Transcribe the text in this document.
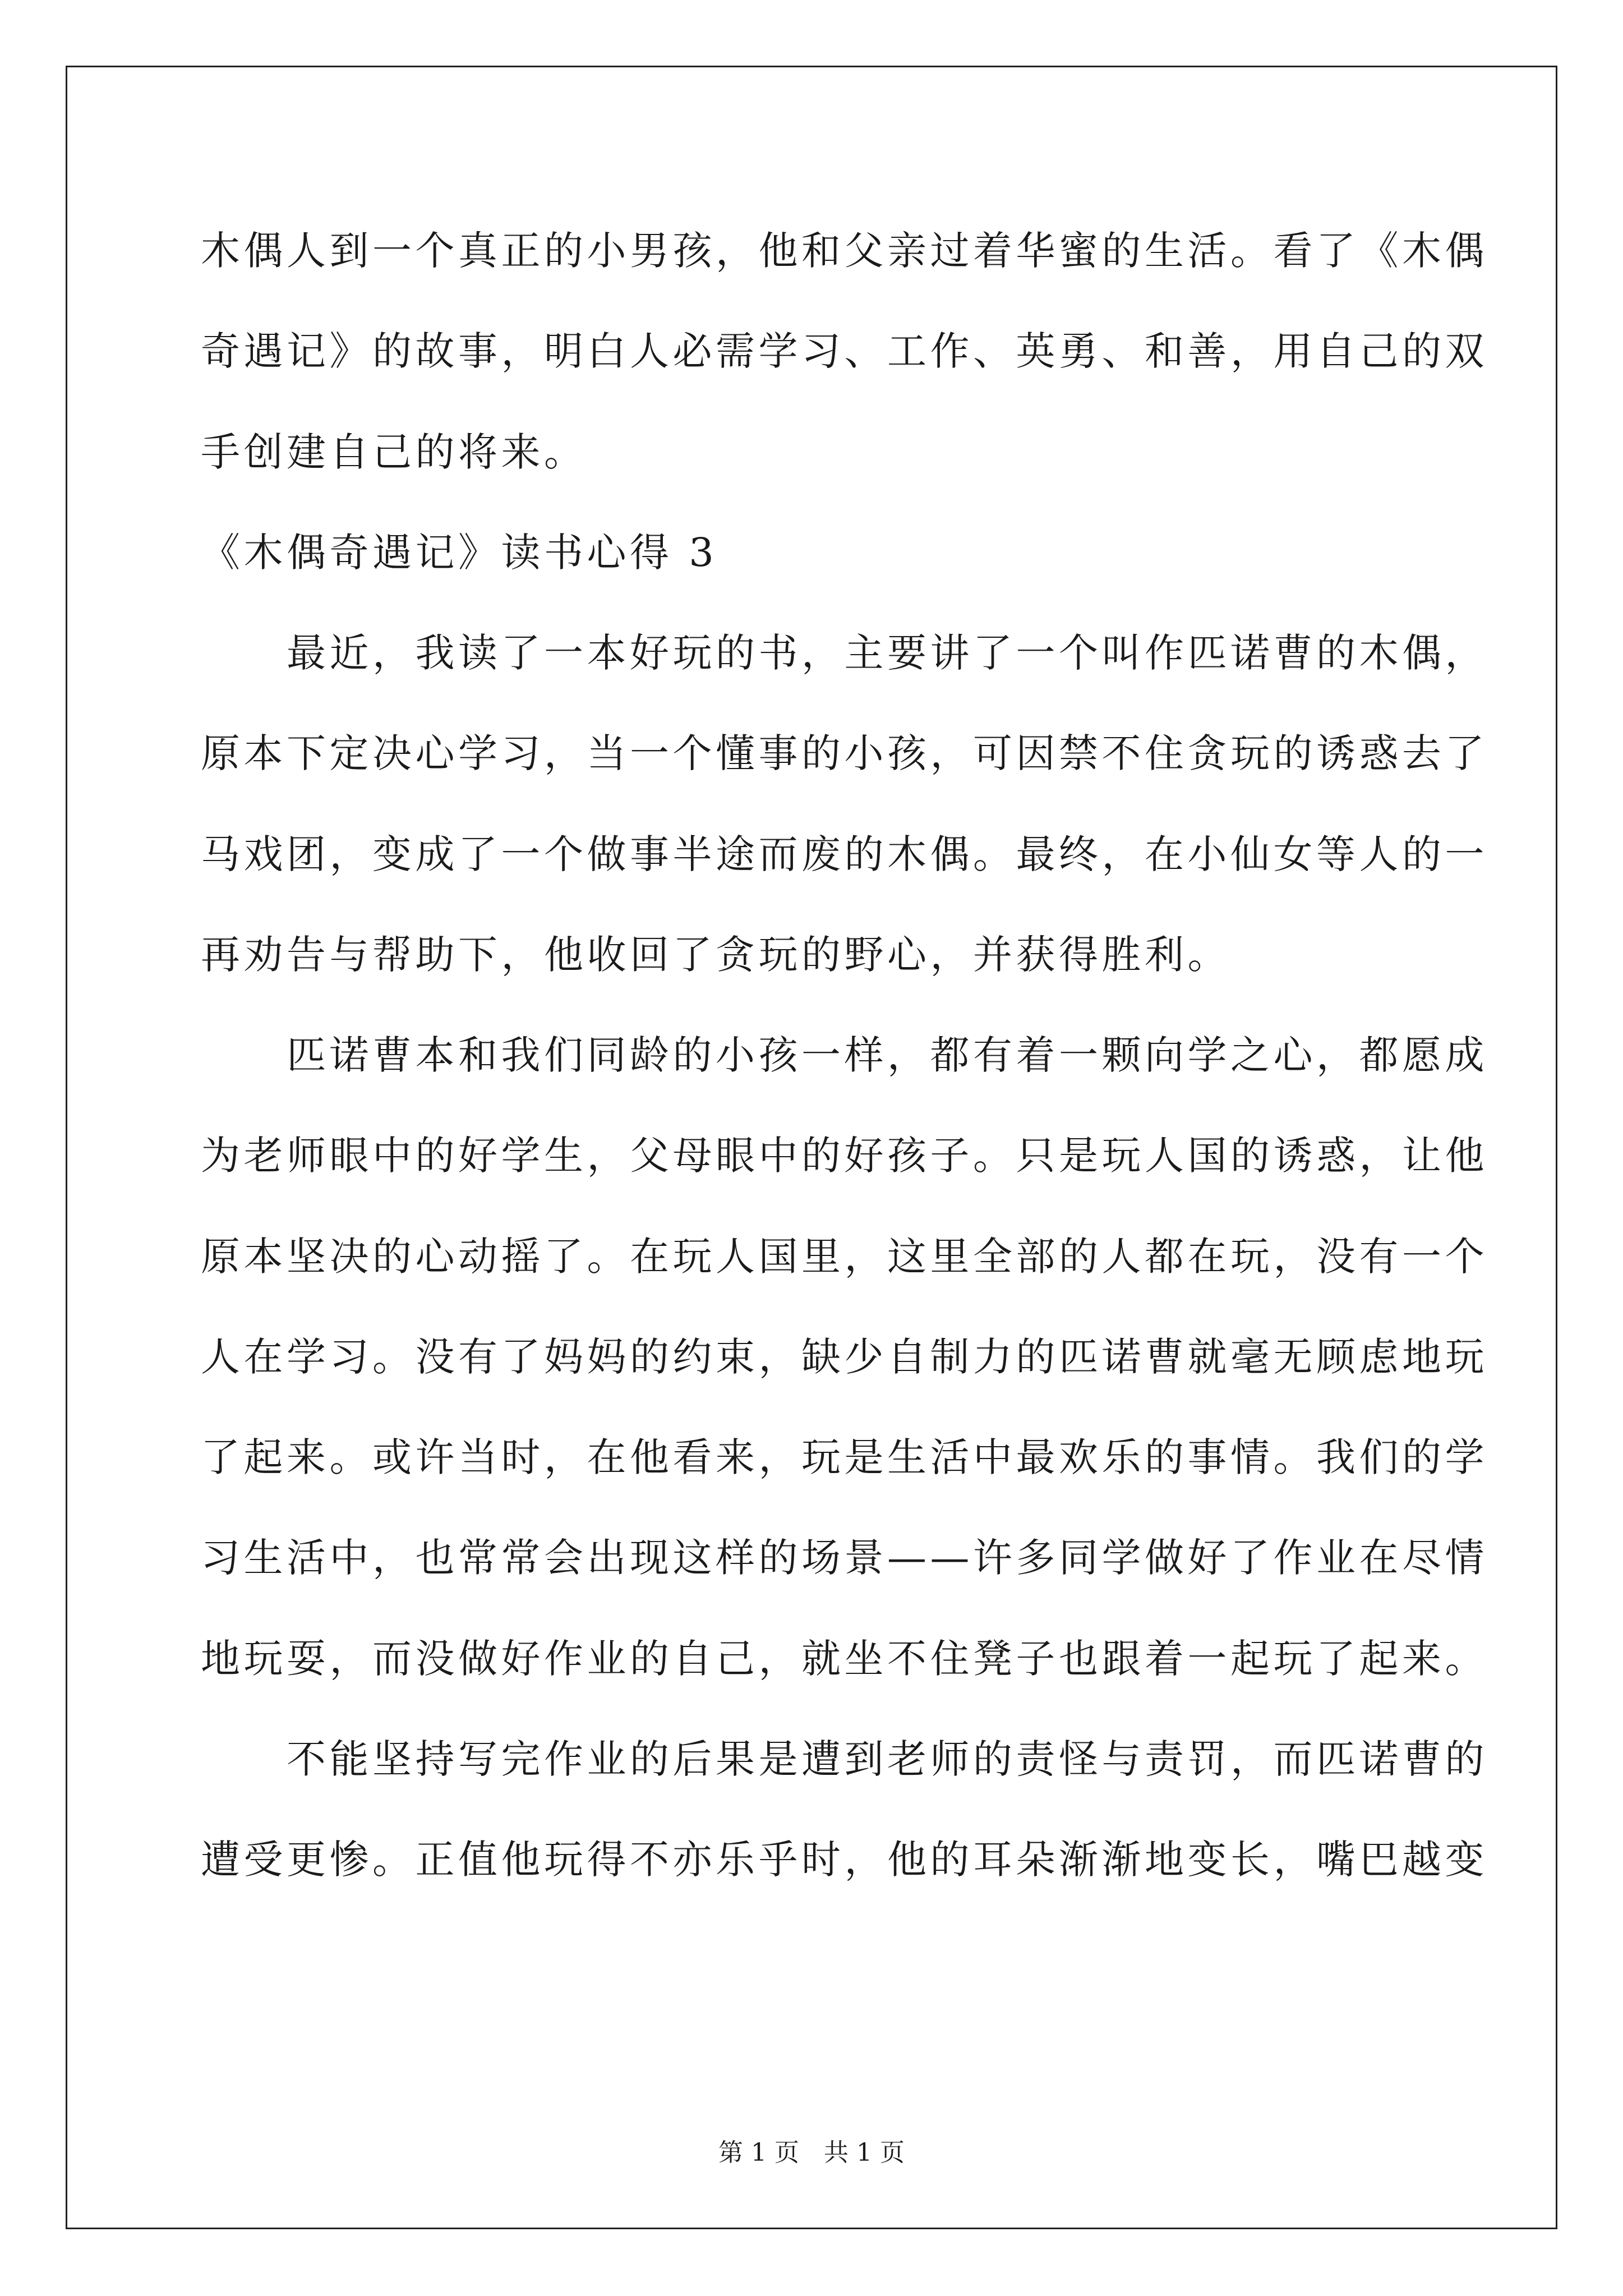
木偶人到一个真正的小男孩，他和父亲过着华蜜的生活。看了《木偶
奇遇记》的故事，明白人必需学习、工作、英勇、和善，用自己的双
手创建自己的将来。
《木偶奇遇记》读书心得 3
　　最近，我读了一本好玩的书，主要讲了一个叫作匹诺曹的木偶，
原本下定决心学习，当一个懂事的小孩，可因禁不住贪玩的诱惑去了
马戏团，变成了一个做事半途而废的木偶。最终，在小仙女等人的一
再劝告与帮助下，他收回了贪玩的野心，并获得胜利。
　　匹诺曹本和我们同龄的小孩一样，都有着一颗向学之心，都愿成
为老师眼中的好学生，父母眼中的好孩子。只是玩人国的诱惑，让他
原本坚决的心动摇了。在玩人国里，这里全部的人都在玩，没有一个
人在学习。没有了妈妈的约束，缺少自制力的匹诺曹就毫无顾虑地玩
了起来。或许当时，在他看来，玩是生活中最欢乐的事情。我们的学
习生活中，也常常会出现这样的场景——许多同学做好了作业在尽情
地玩耍，而没做好作业的自己，就坐不住凳子也跟着一起玩了起来。
　　不能坚持写完作业的后果是遭到老师的责怪与责罚，而匹诺曹的
遭受更惨。正值他玩得不亦乐乎时，他的耳朵渐渐地变长，嘴巴越变
第 1 页　共 1 页
